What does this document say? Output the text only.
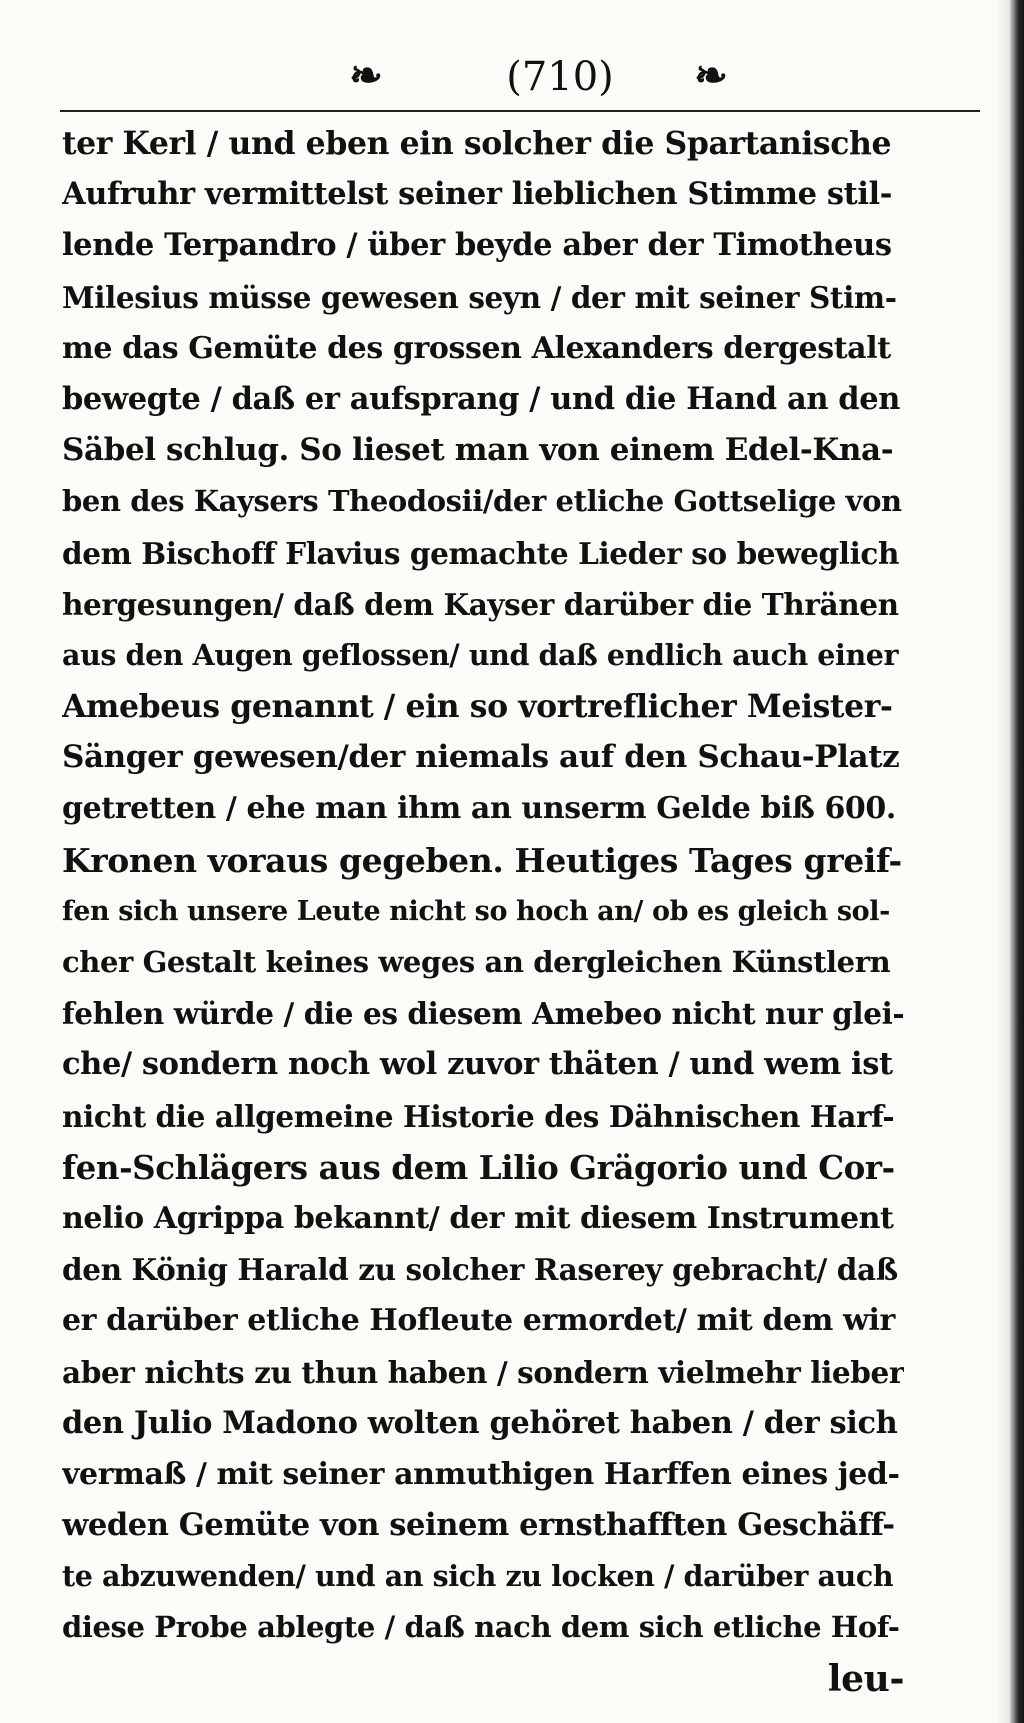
❧	(710)	❧
ter Kerl / und eben ein solcher die Spartanische
Aufruhr vermittelst seiner lieblichen Stimme stil-
lende Terpandro / über beyde aber der Timotheus
Milesius müsse gewesen seyn / der mit seiner Stim-
me das Gemüte des grossen Alexanders dergestalt
bewegte / daß er aufsprang / und die Hand an den
Säbel schlug. So lieset man von einem Edel-Kna-
ben des Kaysers Theodosii/der etliche Gottselige von
dem Bischoff Flavius gemachte Lieder so beweglich
hergesungen/ daß dem Kayser darüber die Thränen
aus den Augen geflossen/ und daß endlich auch einer
Amebeus genannt / ein so vortreflicher Meister-
Sänger gewesen/der niemals auf den Schau-Platz
getretten / ehe man ihm an unserm Gelde biß 600.
Kronen voraus gegeben. Heutiges Tages greif-
fen sich unsere Leute nicht so hoch an/ ob es gleich sol-
cher Gestalt keines weges an dergleichen Künstlern
fehlen würde / die es diesem Amebeo nicht nur glei-
che/ sondern noch wol zuvor thäten / und wem ist
nicht die allgemeine Historie des Dähnischen Harf-
fen-Schlägers aus dem Lilio Grägorio und Cor-
nelio Agrippa bekannt/ der mit diesem Instrument
den König Harald zu solcher Raserey gebracht/ daß
er darüber etliche Hofleute ermordet/ mit dem wir
aber nichts zu thun haben / sondern vielmehr lieber
den Julio Madono wolten gehöret haben / der sich
vermaß / mit seiner anmuthigen Harffen eines jed-
weden Gemüte von seinem ernsthafften Geschäff-
te abzuwenden/ und an sich zu locken / darüber auch
diese Probe ablegte / daß nach dem sich etliche Hof-
leu-
